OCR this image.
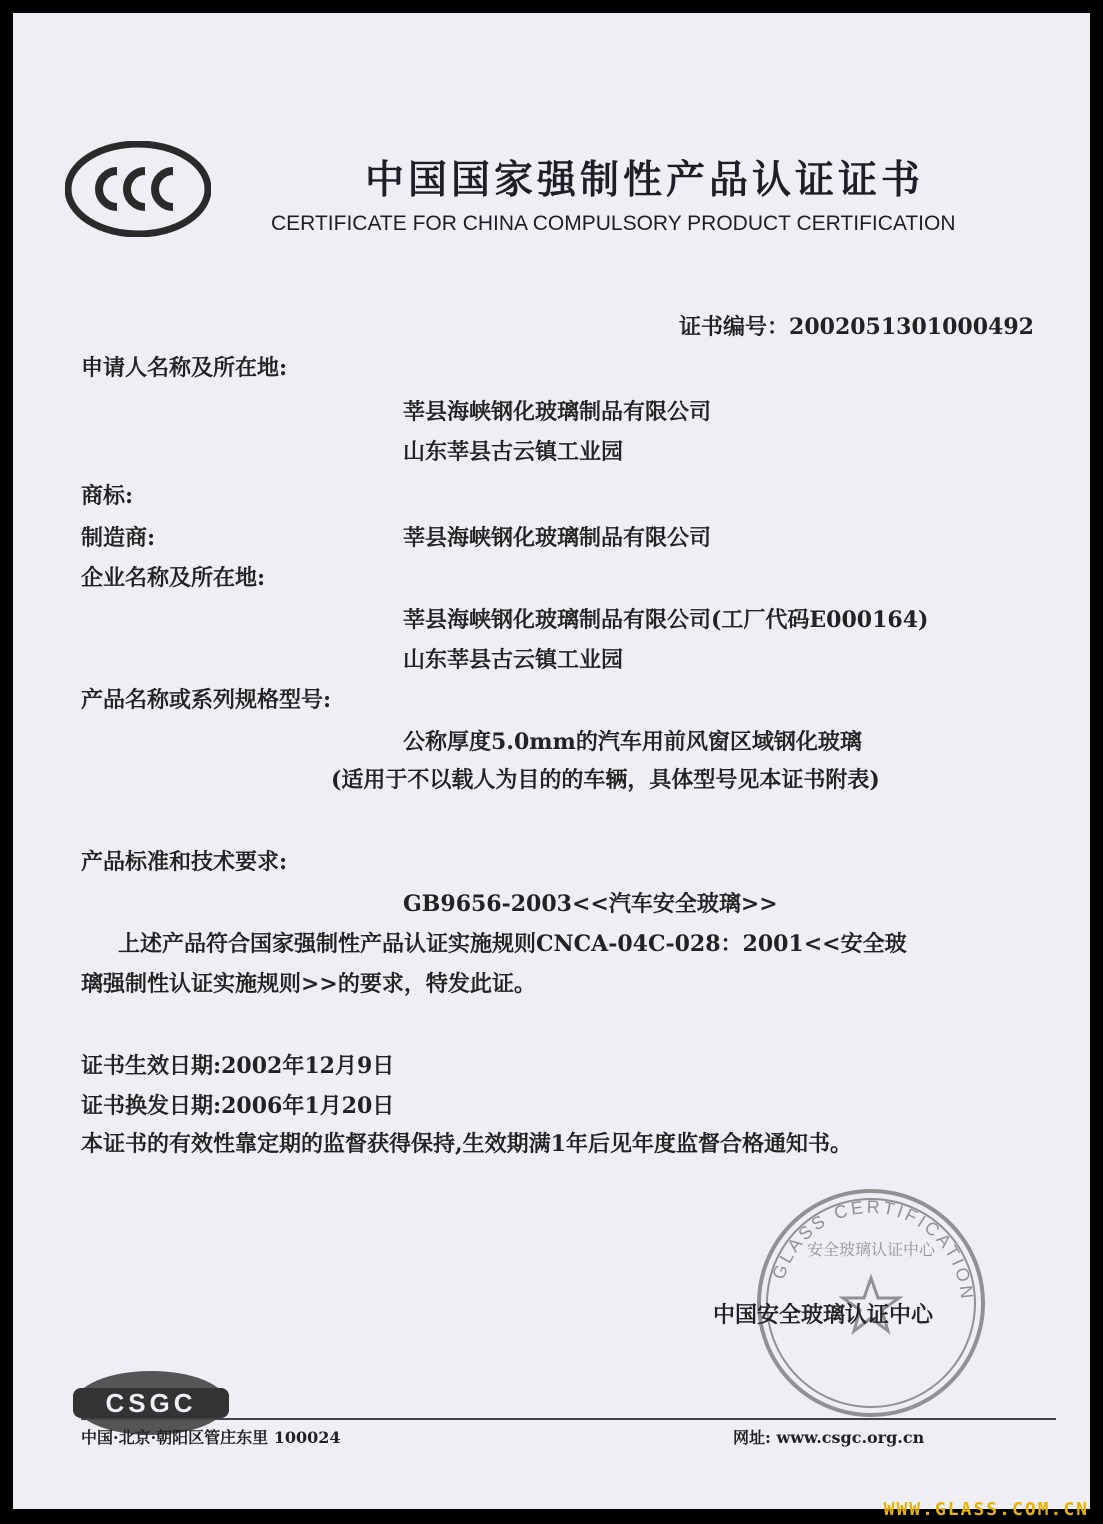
CCC	中国国家强制性产品认证证书
CERTIFICATE FOR CHINA COMPULSORY PRODUCT CERTIFICATION
证书编号：2002051301000492
申请人名称及所在地:
莘县海峡钢化玻璃制品有限公司
山东莘县古云镇工业园
商标:
制造商:	莘县海峡钢化玻璃制品有限公司
企业名称及所在地:
莘县海峡钢化玻璃制品有限公司(工厂代码E000164)
山东莘县古云镇工业园
产品名称或系列规格型号:
公称厚度5.0mm的汽车用前风窗区域钢化玻璃
(适用于不以载人为目的的车辆，具体型号见本证书附表)
产品标准和技术要求:
GB9656-2003<<汽车安全玻璃>>
上述产品符合国家强制性产品认证实施规则CNCA-04C-028：2001<<安全玻
璃强制性认证实施规则>>的要求，特发此证。
证书生效日期:2002年12月9日
证书换发日期:2006年1月20日
本证书的有效性靠定期的监督获得保持,生效期满1年后见年度监督合格通知书。
GLASS CERTIFICATION
安全玻璃认证中心
中国安全玻璃认证中心
CSGC
中国·北京·朝阳区管庄东里 100024	网址: www.csgc.org.cn
WWW.GLASS.COM.CN
